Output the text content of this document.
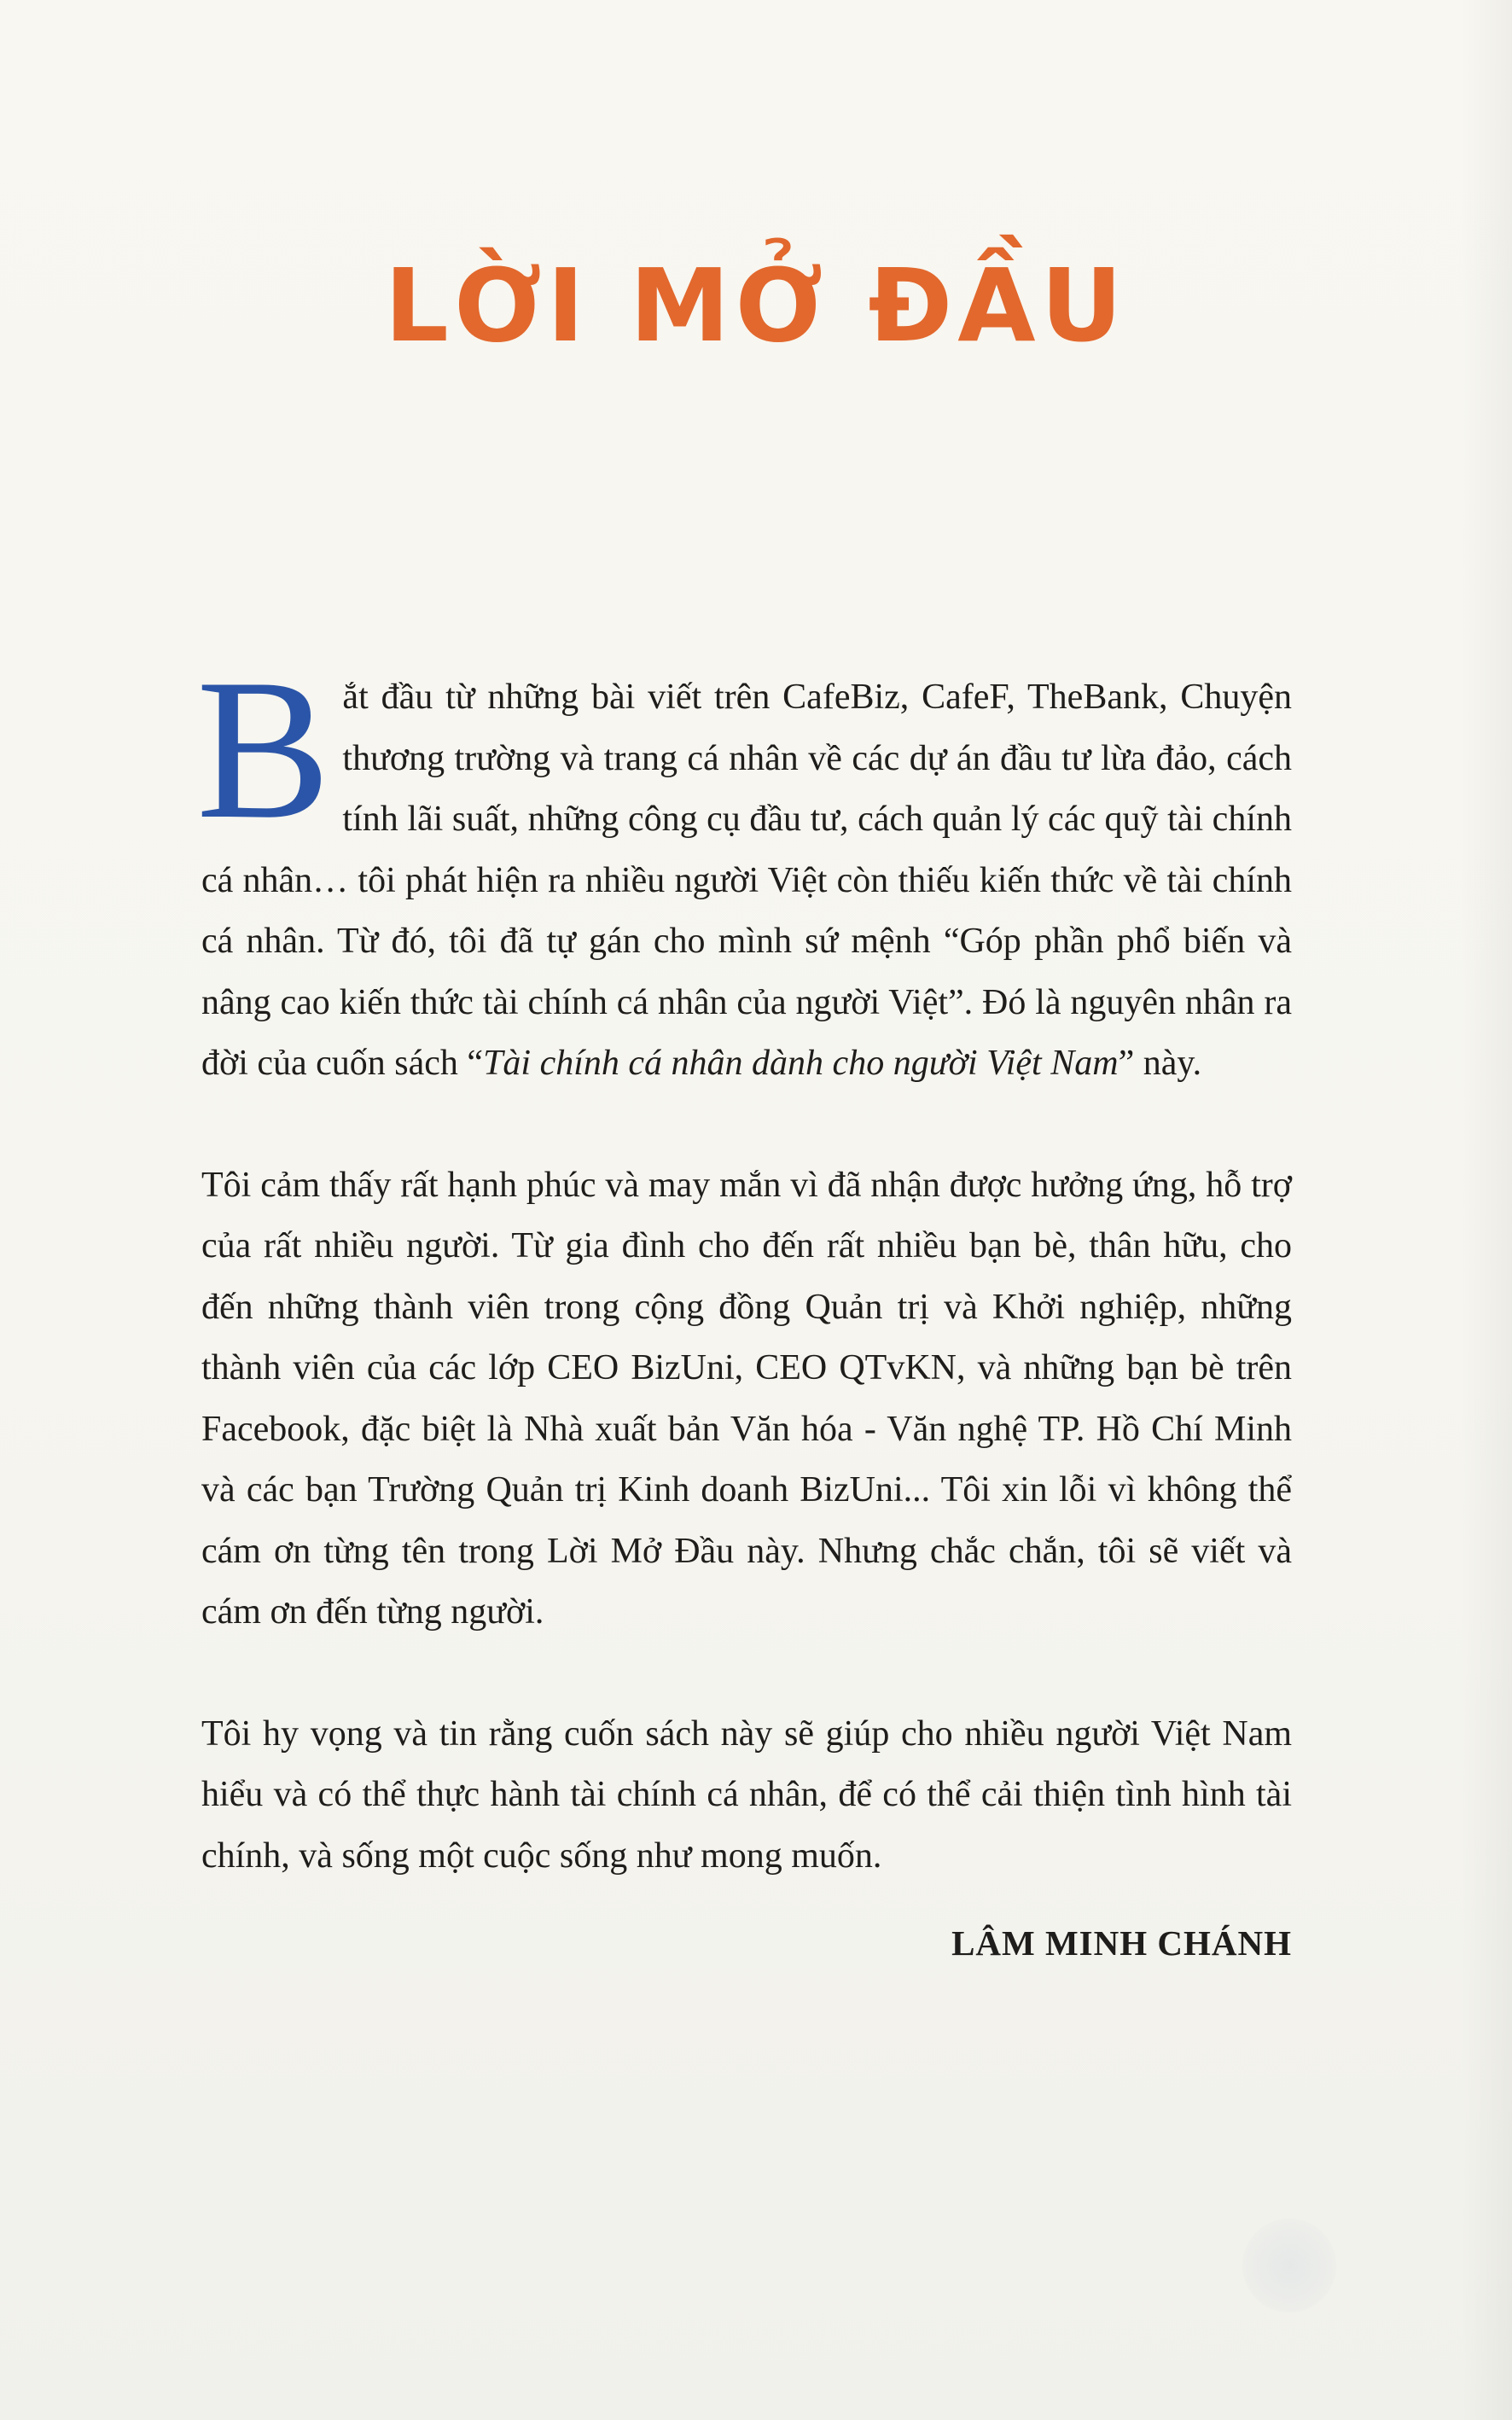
LỜI MỞ ĐẦU

Bắt đầu từ những bài viết trên CafeBiz, CafeF, TheBank, Chuyện thương trường và trang cá nhân về các dự án đầu tư lừa đảo, cách tính lãi suất, những công cụ đầu tư, cách quản lý các quỹ tài chính cá nhân… tôi phát hiện ra nhiều người Việt còn thiếu kiến thức về tài chính cá nhân. Từ đó, tôi đã tự gán cho mình sứ mệnh “Góp phần phổ biến và nâng cao kiến thức tài chính cá nhân của người Việt”. Đó là nguyên nhân ra đời của cuốn sách “Tài chính cá nhân dành cho người Việt Nam” này.

Tôi cảm thấy rất hạnh phúc và may mắn vì đã nhận được hưởng ứng, hỗ trợ của rất nhiều người. Từ gia đình cho đến rất nhiều bạn bè, thân hữu, cho đến những thành viên trong cộng đồng Quản trị và Khởi nghiệp, những thành viên của các lớp CEO BizUni, CEO QTvKN, và những bạn bè trên Facebook, đặc biệt là Nhà xuất bản Văn hóa - Văn nghệ TP. Hồ Chí Minh và các bạn Trường Quản trị Kinh doanh BizUni... Tôi xin lỗi vì không thể cám ơn từng tên trong Lời Mở Đầu này. Nhưng chắc chắn, tôi sẽ viết và cám ơn đến từng người.

Tôi hy vọng và tin rằng cuốn sách này sẽ giúp cho nhiều người Việt Nam hiểu và có thể thực hành tài chính cá nhân, để có thể cải thiện tình hình tài chính, và sống một cuộc sống như mong muốn.

LÂM MINH CHÁNH
